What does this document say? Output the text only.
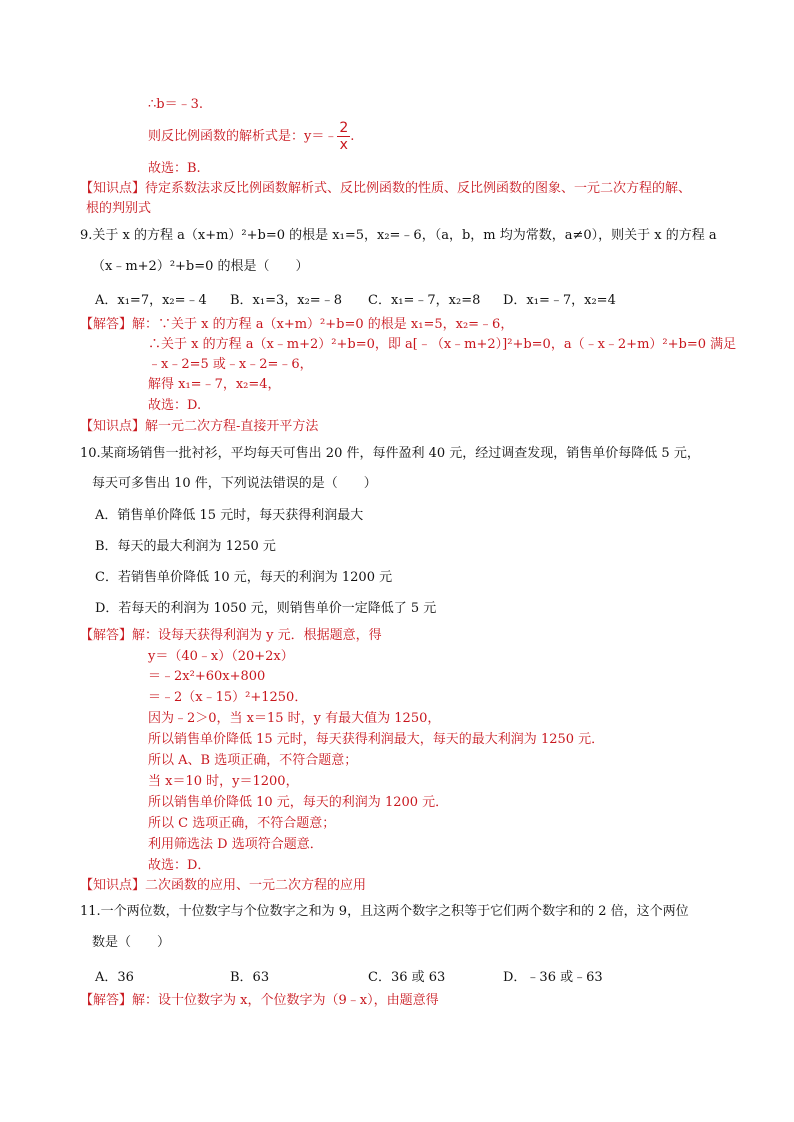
∴b＝﹣3.
则反比例函数的解析式是：y＝﹣ $\frac{2}{x}$ .
故选：B.
【知识点】待定系数法求反比例函数解析式、反比例函数的性质、反比例函数的图象、一元二次方程的解、
根的判别式
9.关于 x 的方程 a（x+m）²+b=0 的根是 x₁=5，x₂=﹣6，（a，b，m 均为常数，a≠0），则关于 x 的方程 a
（x﹣m+2）²+b=0 的根是（　　）
A．x₁=7，x₂=﹣4 B．x₁=3，x₂=﹣8 C．x₁=﹣7，x₂=8 D．x₁=﹣7，x₂=4
【解答】解：∵关于 x 的方程 a（x+m）²+b=0 的根是 x₁=5，x₂=﹣6，
∴关于 x 的方程 a（x﹣m+2）²+b=0，即 a[﹣（x﹣m+2）]²+b=0，a（﹣x﹣2+m）²+b=0 满足
﹣x﹣2=5 或﹣x﹣2=﹣6，
解得 x₁=﹣7，x₂=4，
故选：D.
【知识点】解一元二次方程-直接开平方法
10.某商场销售一批衬衫，平均每天可售出 20 件，每件盈利 40 元，经过调查发现，销售单价每降低 5 元，
每天可多售出 10 件，下列说法错误的是（　　）
A．销售单价降低 15 元时，每天获得利润最大
B．每天的最大利润为 1250 元
C．若销售单价降低 10 元，每天的利润为 1200 元
D．若每天的利润为 1050 元，则销售单价一定降低了 5 元
【解答】解：设每天获得利润为 y 元．根据题意，得
y＝（40﹣x）（20+2x）
＝﹣2x²+60x+800
＝﹣2（x﹣15）²+1250．
因为﹣2＞0，当 x＝15 时，y 有最大值为 1250，
所以销售单价降低 15 元时，每天获得利润最大，每天的最大利润为 1250 元．
所以 A、B 选项正确，不符合题意；
当 x＝10 时，y＝1200，
所以销售单价降低 10 元，每天的利润为 1200 元．
所以 C 选项正确，不符合题意；
利用筛选法 D 选项符合题意．
故选：D．
【知识点】二次函数的应用、一元二次方程的应用
11.一个两位数，十位数字与个位数字之和为 9，且这两个数字之积等于它们两个数字和的 2 倍，这个两位
数是（　　）
A．36	B．63	C．36 或 63	D．﹣36 或﹣63
【解答】解：设十位数字为 x，个位数字为（9﹣x），由题意得
